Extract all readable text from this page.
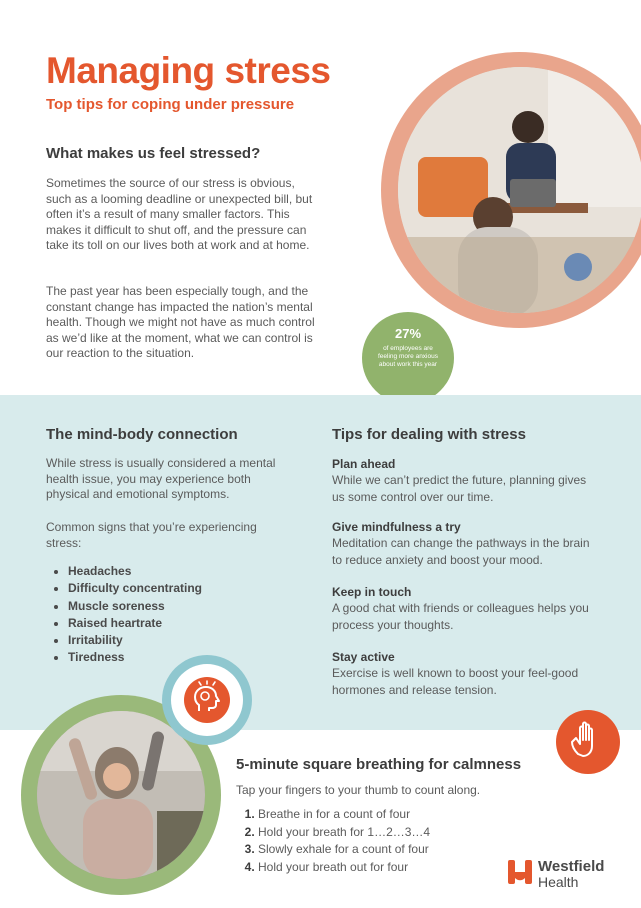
Managing stress
Top tips for coping under pressure
What makes us feel stressed?

Sometimes the source of our stress is obvious, such as a looming deadline or unexpected bill, but often it’s a result of many smaller factors. This makes it difficult to shut off, and the pressure can take its toll on our lives both at work and at home.

The past year has been especially tough, and the constant change has impacted the nation’s mental health. Though we might not have as much control as we’d like at the moment, what we can control is our reaction to the situation.

27%
of employees are feeling more anxious about work this year
The mind-body connection

While stress is usually considered a mental health issue, you may experience both physical and emotional symptoms.

Common signs that you’re experiencing stress:

• Headaches
• Difficulty concentrating
• Muscle soreness
• Raised heartrate
• Irritability
• Tiredness
Tips for dealing with stress
Plan ahead
While we can’t predict the future, planning gives us some control over our time.
Give mindfulness a try
Meditation can change the pathways in the brain to reduce anxiety and boost your mood.
Keep in touch
A good chat with friends or colleagues helps you process your thoughts.
Stay active
Exercise is well known to boost your feel-good hormones and release tension.
5-minute square breathing for calmness

Tap your fingers to your thumb to count along.

1. Breathe in for a count of four
2. Hold your breath for 1…2…3…4
3. Slowly exhale for a count of four
4. Hold your breath out for four	Westfield
Health
